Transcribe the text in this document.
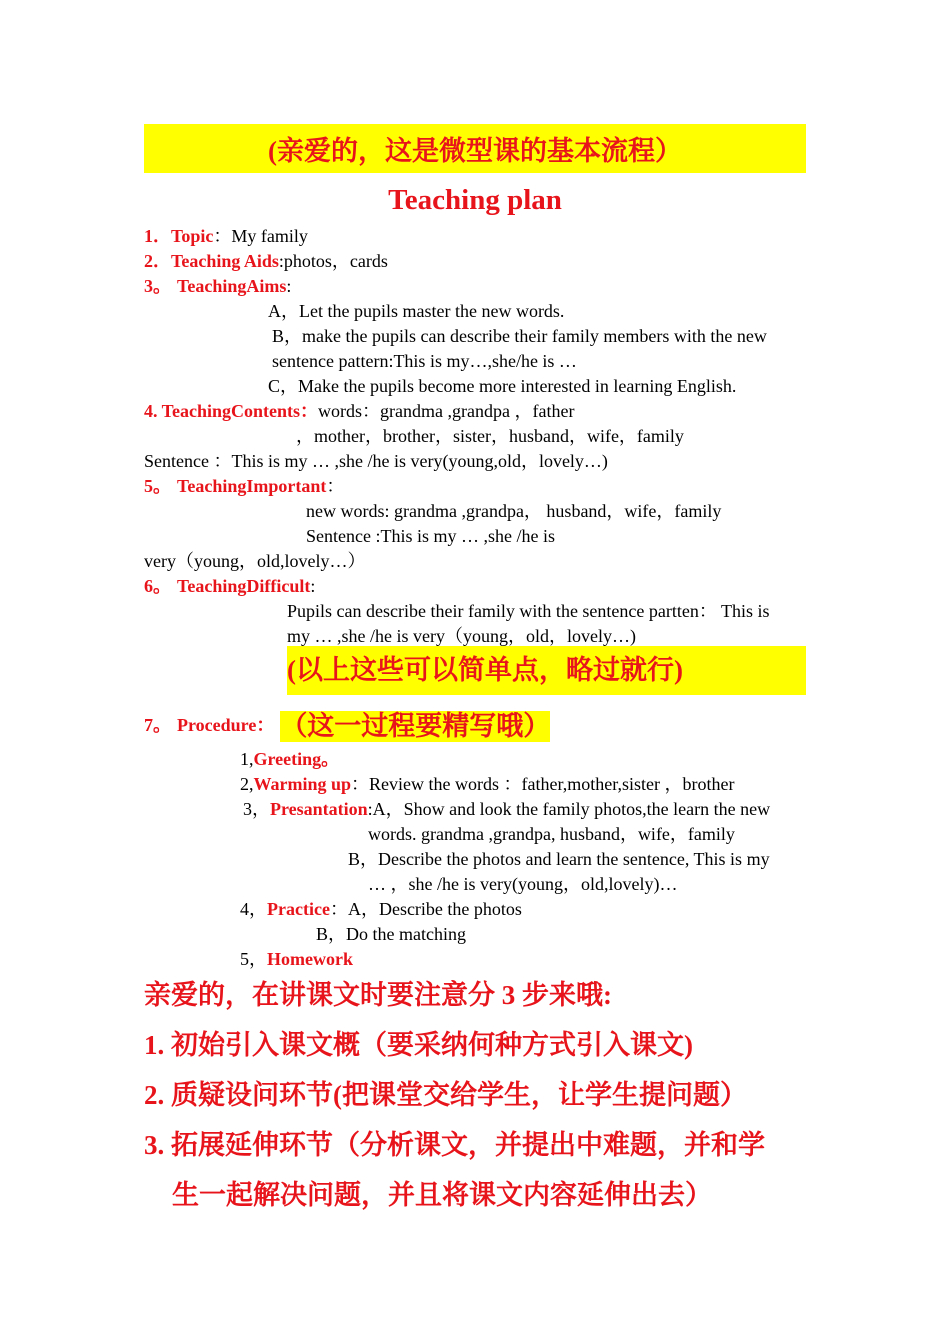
(亲爱的，这是微型课的基本流程）
Teaching plan
1．Topic：My family
2．Teaching Aids:photos，cards
3。 TeachingAims:
A，Let the pupils master the new words.
B，make the pupils can describe their family members with the new
sentence pattern:This is my…,she/he is …
C，Make the pupils become more interested in learning English.
4. TeachingContents：words：grandma ,grandpa ，father
，mother，brother，sister，husband，wife，family
Sentence ：This is my … ,she /he is very(young,old，lovely…)
5。 TeachingImportant：
new words: grandma ,grandpa， husband，wife，family
Sentence :This is my … ,she /he is
very（young，old,lovely…）
6。 TeachingDifficult:
Pupils can describe their family with the sentence partten： This is
my … ,she /he is very（young，old，lovely…)
(以上这些可以简单点，略过就行)
7。 Procedure： （这一过程要精写哦）
1,Greeting。
2,Warming up：Review the words ：father,mother,sister ，brother
3，Presantation:A，Show and look the family photos,the learn the new
words. grandma ,grandpa, husband，wife，family
B，Describe the photos and learn the sentence, This is my
… ，she /he is very(young，old,lovely)…
4，Practice：A，Describe the photos
B，Do the matching
5，Homework
亲爱的，在讲课文时要注意分 3 步来哦:
1. 初始引入课文概（要采纳何种方式引入课文)
2. 质疑设问环节(把课堂交给学生，让学生提问题）
3. 拓展延伸环节（分析课文，并提出中难题，并和学
生一起解决问题，并且将课文内容延伸出去）
